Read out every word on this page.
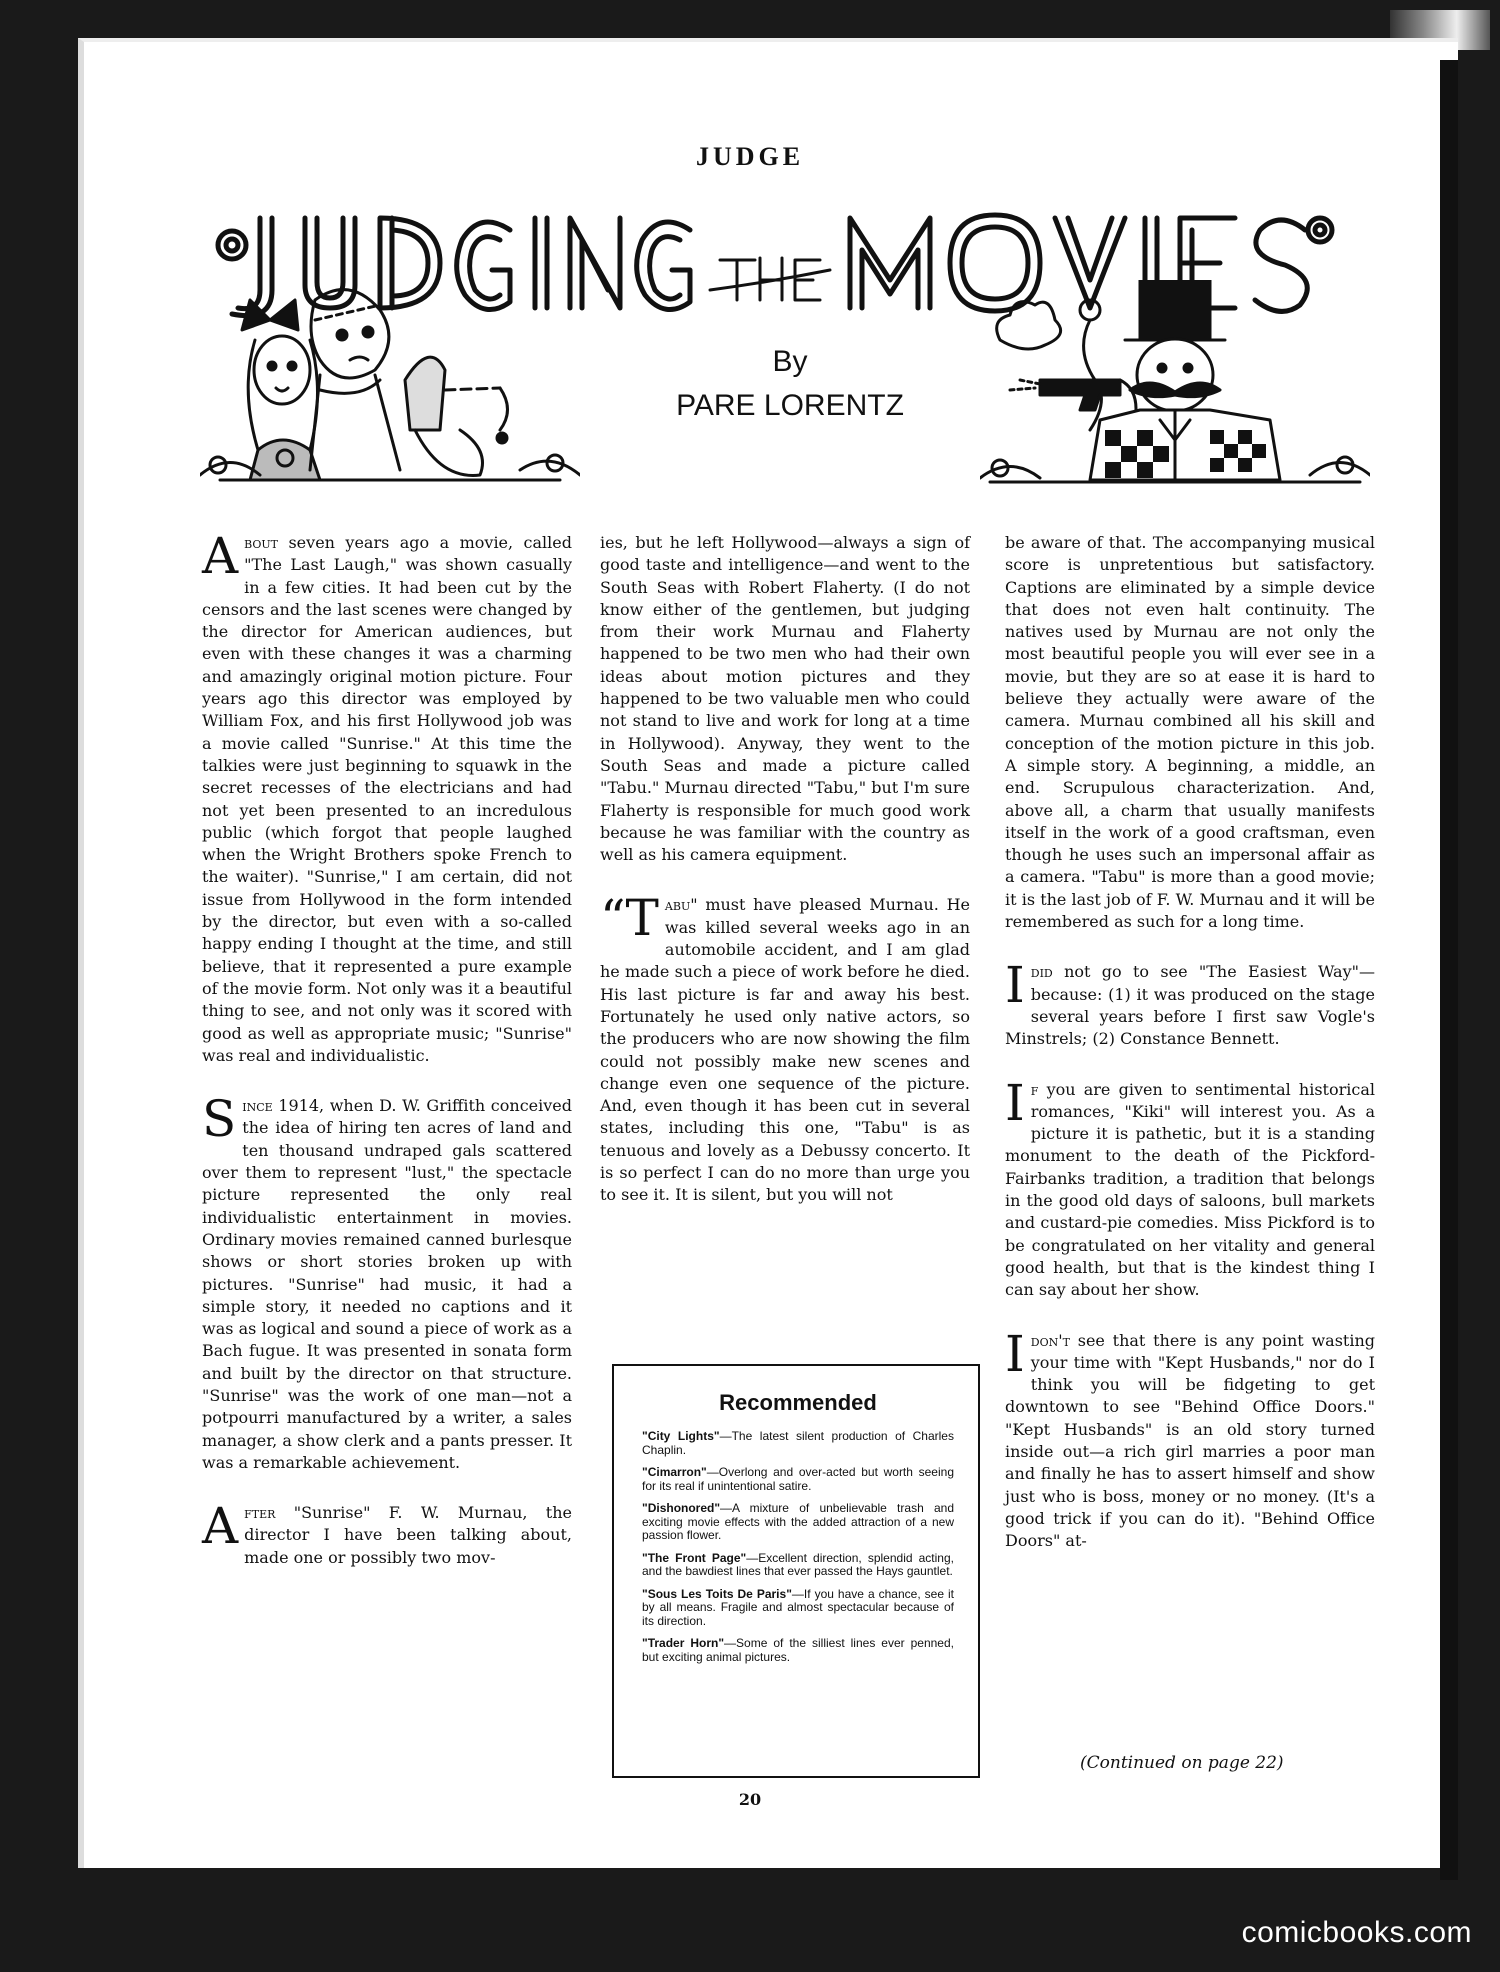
JUDGE
By
PARE LORENTZ

About seven years ago a movie, called "The Last Laugh," was shown casually in a few cities. It had been cut by the censors and the last scenes were changed by the director for American audiences, but even with these changes it was a charming and amazingly original motion picture. Four years ago this director was employed by William Fox, and his first Hollywood job was a movie called "Sunrise." At this time the talkies were just beginning to squawk in the secret recesses of the electricians and had not yet been presented to an incredulous public (which forgot that people laughed when the Wright Brothers spoke French to the waiter). "Sunrise," I am certain, did not issue from Hollywood in the form intended by the director, but even with a so-called happy ending I thought at the time, and still believe, that it represented a pure example of the movie form. Not only was it a beautiful thing to see, and not only was it scored with good as well as appropriate music; "Sunrise" was real and individualistic.

Since 1914, when D. W. Griffith conceived the idea of hiring ten acres of land and ten thousand undraped gals scattered over them to represent "lust," the spectacle picture represented the only real individualistic entertainment in movies. Ordinary movies remained canned burlesque shows or short stories broken up with pictures. "Sunrise" had music, it had a simple story, it needed no captions and it was as logical and sound a piece of work as a Bach fugue. It was presented in sonata form and built by the director on that structure. "Sunrise" was the work of one man—not a potpourri manufactured by a writer, a sales manager, a show clerk and a pants presser. It was a remarkable achievement.

After "Sunrise" F. W. Murnau, the director I have been talking about, made one or possibly two mov-

ies, but he left Hollywood—always a sign of good taste and intelligence—and went to the South Seas with Robert Flaherty. (I do not know either of the gentlemen, but judging from their work Murnau and Flaherty happened to be two men who had their own ideas about motion pictures and they happened to be two valuable men who could not stand to live and work for long at a time in Hollywood). Anyway, they went to the South Seas and made a picture called "Tabu." Murnau directed "Tabu," but I'm sure Flaherty is responsible for much good work because he was familiar with the country as well as his camera equipment.

“Tabu" must have pleased Murnau. He was killed several weeks ago in an automobile accident, and I am glad he made such a piece of work before he died. His last picture is far and away his best. Fortunately he used only native actors, so the producers who are now showing the film could not possibly make new scenes and change even one sequence of the picture. And, even though it has been cut in several states, including this one, "Tabu" is as tenuous and lovely as a Debussy concerto. It is so perfect I can do no more than urge you to see it. It is silent, but you will not

be aware of that. The accompanying musical score is unpretentious but satisfactory. Captions are eliminated by a simple device that does not even halt continuity. The natives used by Murnau are not only the most beautiful people you will ever see in a movie, but they are so at ease it is hard to believe they actually were aware of the camera. Murnau combined all his skill and conception of the motion picture in this job. A simple story. A beginning, a middle, an end. Scrupulous characterization. And, above all, a charm that usually manifests itself in the work of a good craftsman, even though he uses such an impersonal affair as a camera. "Tabu" is more than a good movie; it is the last job of F. W. Murnau and it will be remembered as such for a long time.

I did not go to see "The Easiest Way"—because: (1) it was produced on the stage several years before I first saw Vogle's Minstrels; (2) Constance Bennett.

If you are given to sentimental historical romances, "Kiki" will interest you. As a picture it is pathetic, but it is a standing monument to the death of the Pickford-Fairbanks tradition, a tradition that belongs in the good old days of saloons, bull markets and custard-pie comedies. Miss Pickford is to be congratulated on her vitality and general good health, but that is the kindest thing I can say about her show.

I don't see that there is any point wasting your time with "Kept Husbands," nor do I think you will be fidgeting to get downtown to see "Behind Office Doors." "Kept Husbands" is an old story turned inside out—a rich girl marries a poor man and finally he has to assert himself and show just who is boss, money or no money. (It's a good trick if you can do it). "Behind Office Doors" at-

(Continued on page 22)
Recommended
"City Lights"—The latest silent production of Charles Chaplin.
"Cimarron"—Overlong and over-acted but worth seeing for its real if unintentional satire.
"Dishonored"—A mixture of unbelievable trash and exciting movie effects with the added attraction of a new passion flower.
"The Front Page"—Excellent direction, splendid acting, and the bawdiest lines that ever passed the Hays gauntlet.
"Sous Les Toits De Paris"—If you have a chance, see it by all means. Fragile and almost spectacular because of its direction.
"Trader Horn"—Some of the silliest lines ever penned, but exciting animal pictures.
20
comicbooks.com
